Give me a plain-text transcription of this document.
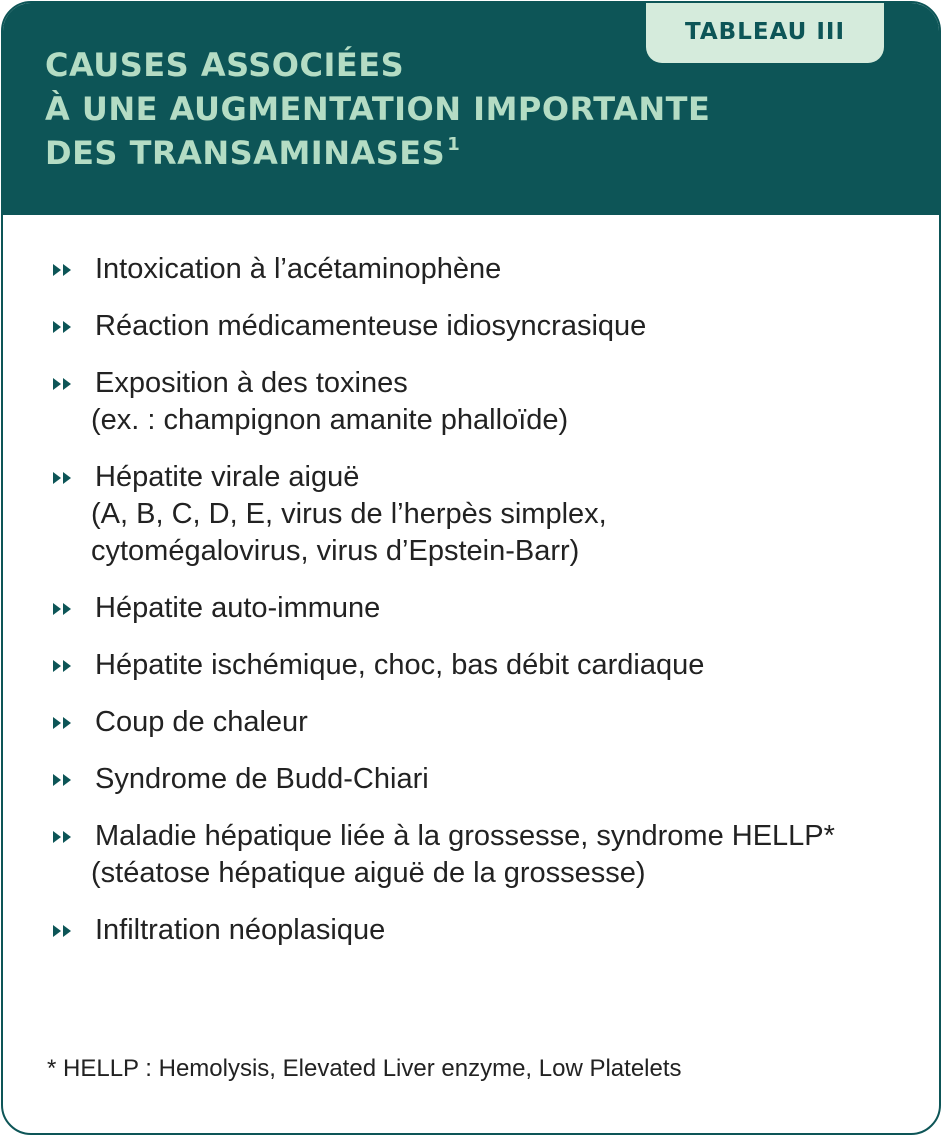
CAUSES ASSOCIÉES
À UNE AUGMENTATION IMPORTANTE
DES TRANSAMINASES $^1$
TABLEAU III
Intoxication à l’acétaminophène
Réaction médicamenteuse idiosyncrasique
Exposition à des toxines
(ex. : champignon amanite phalloïde)
Hépatite virale aiguë
(A, B, C, D, E, virus de l’herpès simplex,
cytomégalovirus, virus d’Epstein-Barr)
Hépatite auto-immune
Hépatite ischémique, choc, bas débit cardiaque
Coup de chaleur
Syndrome de Budd-Chiari
Maladie hépatique liée à la grossesse, syndrome HELLP*
(stéatose hépatique aiguë de la grossesse)
Infiltration néoplasique

* HELLP : Hemolysis, Elevated Liver enzyme, Low Platelets
